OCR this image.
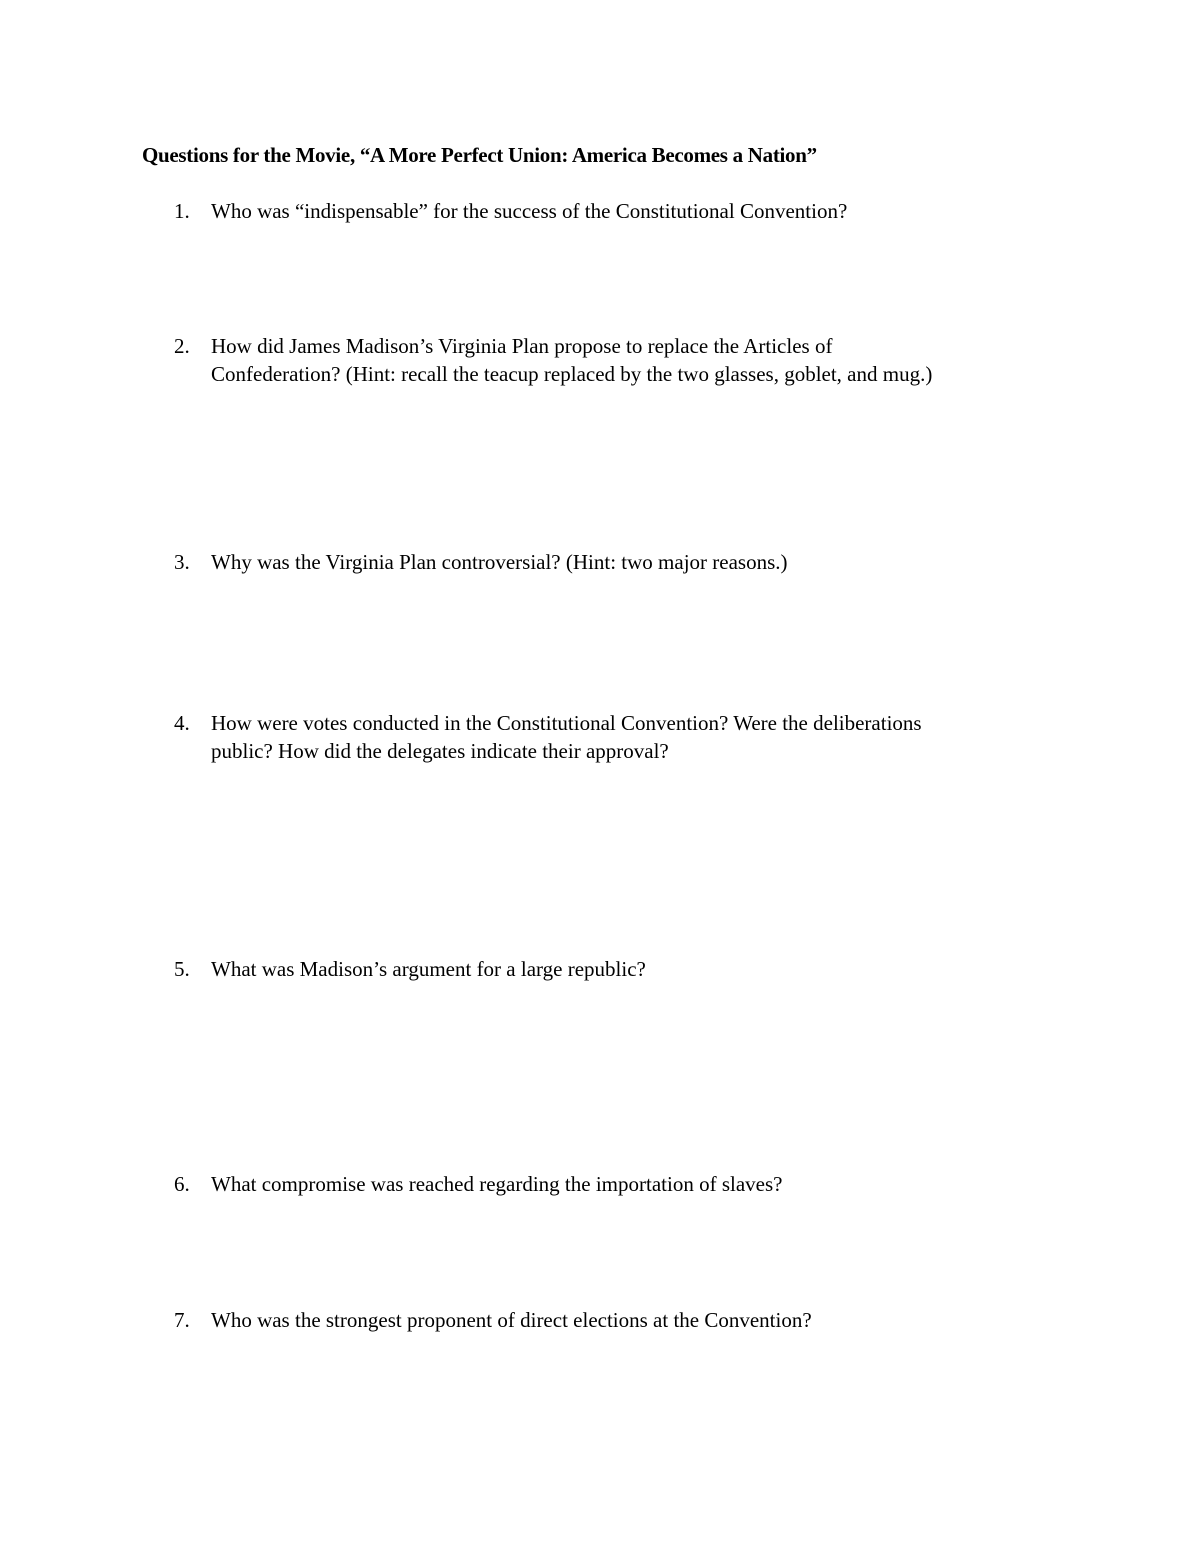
Questions for the Movie, “A More Perfect Union: America Becomes a Nation”
1. Who was “indispensable” for the success of the Constitutional Convention?
2. How did James Madison’s Virginia Plan propose to replace the Articles of
Confederation? (Hint: recall the teacup replaced by the two glasses, goblet, and mug.)
3. Why was the Virginia Plan controversial? (Hint: two major reasons.)
4. How were votes conducted in the Constitutional Convention? Were the deliberations
public? How did the delegates indicate their approval?
5. What was Madison’s argument for a large republic?
6. What compromise was reached regarding the importation of slaves?
7. Who was the strongest proponent of direct elections at the Convention?
